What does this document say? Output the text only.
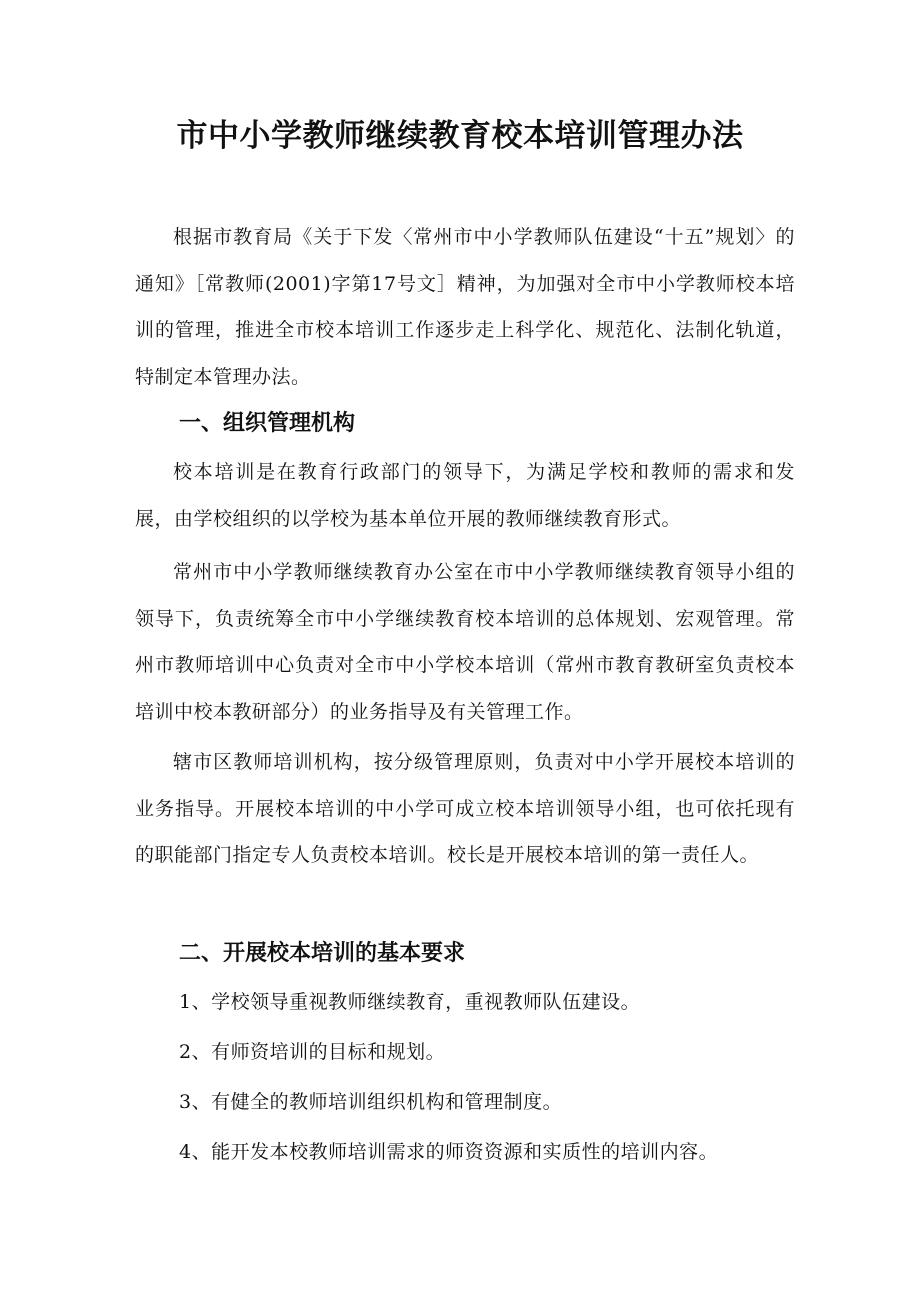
市中小学教师继续教育校本培训管理办法

根据市教育局《关于下发〈常州市中小学教师队伍建设“十五”规划〉的通知》［常教师(2001)字第17号文］精神，为加强对全市中小学教师校本培训的管理，推进全市校本培训工作逐步走上科学化、规范化、法制化轨道，特制定本管理办法。

一、组织管理机构

校本培训是在教育行政部门的领导下，为满足学校和教师的需求和发展，由学校组织的以学校为基本单位开展的教师继续教育形式。

常州市中小学教师继续教育办公室在市中小学教师继续教育领导小组的领导下，负责统筹全市中小学继续教育校本培训的总体规划、宏观管理。常州市教师培训中心负责对全市中小学校本培训（常州市教育教研室负责校本培训中校本教研部分）的业务指导及有关管理工作。

辖市区教师培训机构，按分级管理原则，负责对中小学开展校本培训的业务指导。开展校本培训的中小学可成立校本培训领导小组，也可依托现有的职能部门指定专人负责校本培训。校长是开展校本培训的第一责任人。

二、开展校本培训的基本要求

1、学校领导重视教师继续教育，重视教师队伍建设。

2、有师资培训的目标和规划。

3、有健全的教师培训组织机构和管理制度。

4、能开发本校教师培训需求的师资资源和实质性的培训内容。
